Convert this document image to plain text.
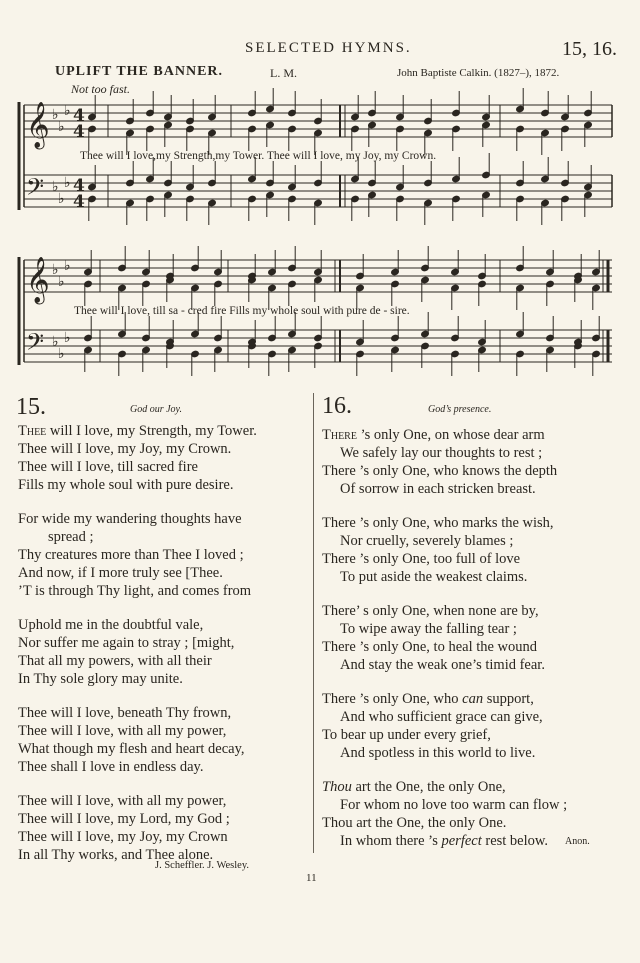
SELECTED HYMNS.	15, 16.
UPLIFT THE BANNER.	L. M.	John Baptiste Calkin. (1827–), 1872.
Not too fast.
𝄞
𝄢
𝄞
𝄢
♭
♭
♭
♭
♭
♭
♭
♭
♭
♭
♭
♭
4
4
4
4
Thee will I love,my Strength,my Tower. Thee will I love, my Joy, my Crown.
Thee will I love, till sa - cred fire Fills my whole soul with pure de - sire.
15.	God our Joy.
Thee will I love, my Strength, my Tower.
Thee will I love, my Joy, my Crown.
Thee will I love, till sacred fire
Fills my whole soul with pure desire.
For wide my wandering thoughts have
spread ;
Thy creatures more than Thee I loved ;
And now, if I more truly see [Thee.
’T is through Thy light, and comes from
Uphold me in the doubtful vale,
Nor suffer me again to stray ; [might,
That all my powers, with all their
In Thy sole glory may unite.
Thee will I love, beneath Thy frown,
Thee will I love, with all my power,
What though my flesh and heart decay,
Thee shall I love in endless day.
Thee will I love, with all my power,
Thee will I love, my Lord, my God ;
Thee will I love, my Joy, my Crown
In all Thy works, and Thee alone.
J. Scheffler. J. Wesley.
16.	God’s presence.
There ’s only One, on whose dear arm
We safely lay our thoughts to rest ;
There ’s only One, who knows the depth
Of sorrow in each stricken breast.
There ’s only One, who marks the wish,
Nor cruelly, severely blames ;
There ’s only One, too full of love
To put aside the weakest claims.
There’ s only One, when none are by,
To wipe away the falling tear ;
There ’s only One, to heal the wound
And stay the weak one’s timid fear.
There ’s only One, who can support,
And who sufficient grace can give,
To bear up under every grief,
And spotless in this world to live.
Thou art the One, the only One,
For whom no love too warm can flow ;
Thou art the One, the only One.
In whom there ’s perfect rest below.	Anon.
11
